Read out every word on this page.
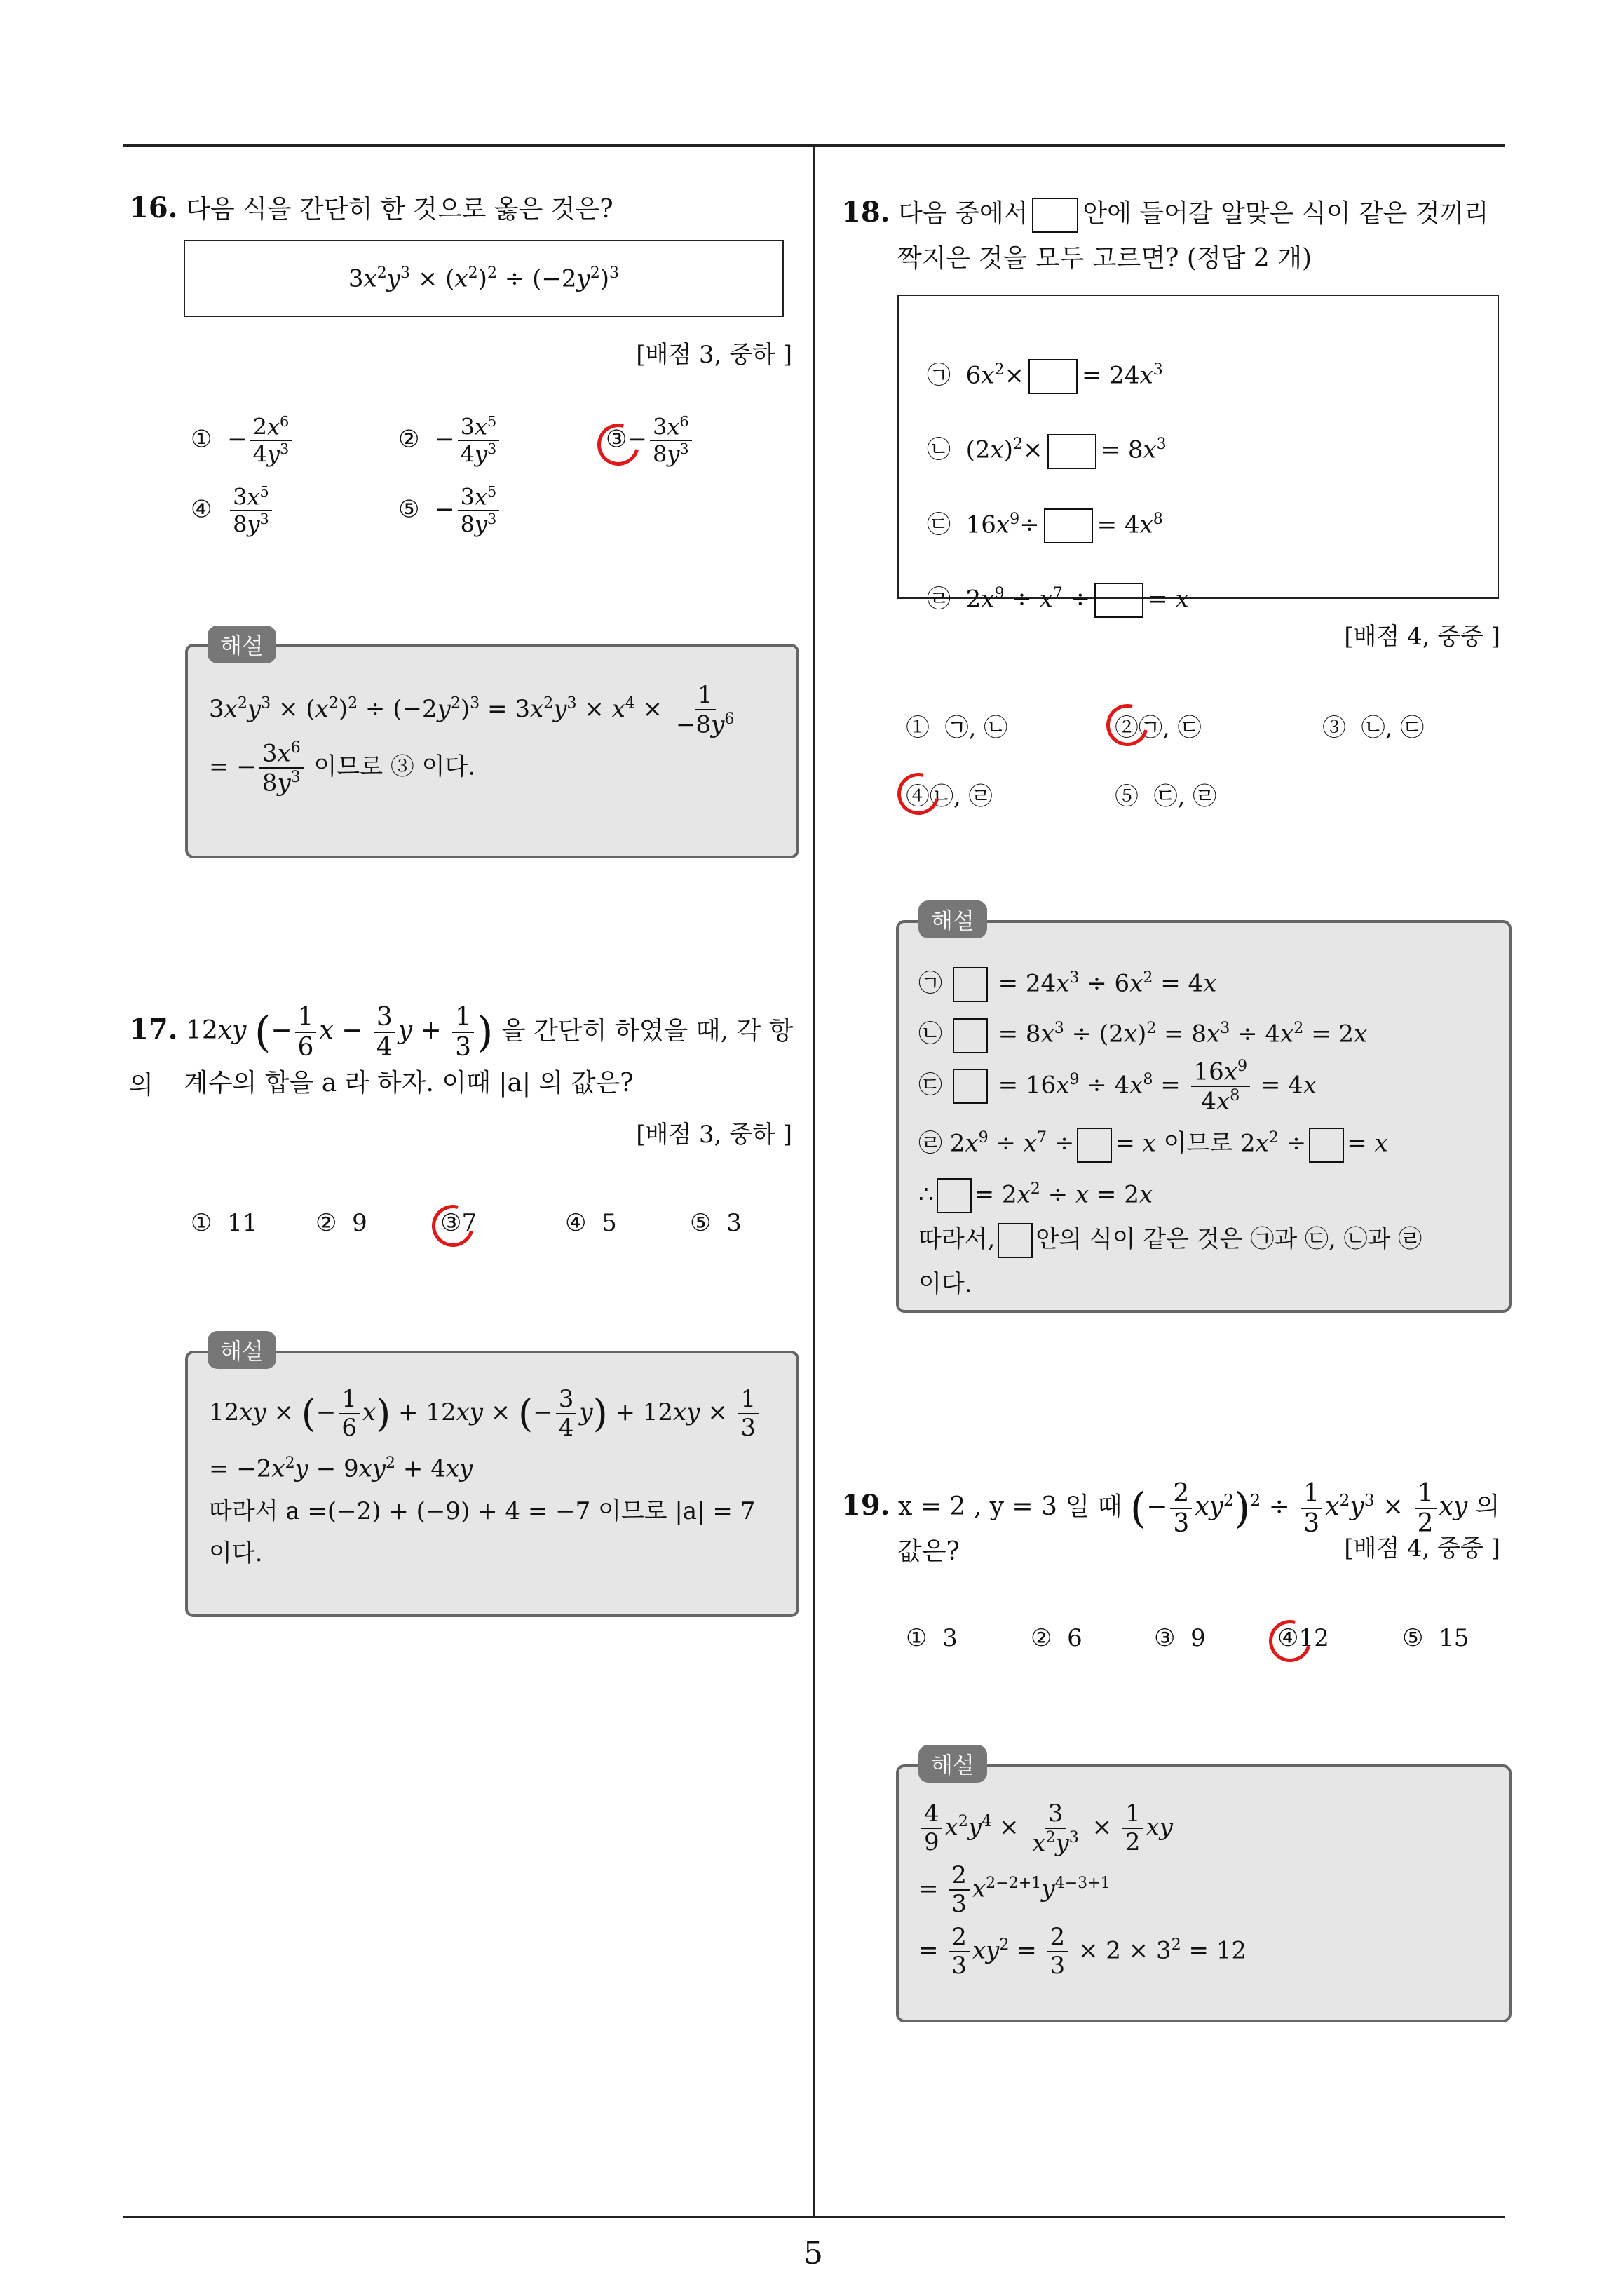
5
16. 다음 식을 간단히 한 것으로 옳은 것은?
$3x^2y^3 \times (x^2)^2 \div (-2y^2)^3$
[배점 3, 중하 ]
①  − $\frac{2x^6}{4y^3}$	②  − $\frac{3x^5}{4y^3}$	③− $\frac{3x^6}{8y^3}$
④ $\frac{3x^5}{8y^3}$	⑤  − $\frac{3x^5}{8y^3}$
$3x^2y^3 \times (x^2)^2 \div (-2y^2)^3 = 3x^2y^3 \times x^4 \times \frac{1}{-8y^6}$
= − $\frac{3x^6}{8y^3}$ 이므로 ③ 이다.
해설
17. 12xy (− $\frac{1}{6}$ $x - \frac{3}{4}$ $y + \frac{1}{3}$ ) 을 간단히 하였을 때, 각 항의	계수의 합을 a 라 하자. 이때 |a| 의 값은?
[배점 3, 중하 ]
① 11 ② 9	③7	④ 5	⑤ 3
12xy × (− $\frac{1}{6} x) + 12xy$ × (− $\frac{3}{4} y) + 12xy \times \frac{1}{3}$
= $-2x^2y - 9xy^2 + 4xy$
따라서 a =(−2) + (−9) + 4 = −7 이므로 |a| = 7
이다.
해설
18. 다음 중에서 안에 들어갈 알맞은 식이 같은 것끼리
짝지은 것을 모두 고르면? (정답 2 개)
㉠  $6x^2\times = 24x^3$
㉡  $(2x)^2\times = 8x^3$
㉢  $16x^9\div = 4x^8$
㉣  $2x^9 \div x^7$ ÷ = x
[배점 4, 중중 ]
① ㉠, ㉡	②㉠, ㉢	③ ㉡, ㉢
④㉡, ㉣	⑤ ㉢, ㉣
㉠  = $24x^3 \div 6x^2 = 4x$
㉡  = $8x^3 \div (2x)^2 = 8x^3 \div 4x^2 = 2x$
㉢  = $16x^9 \div 4x^8 = \frac{16x^9}{4x^8} = 4x$
㉣ $2x^9 \div x^7$ ÷ = x 이므로 $2x^2$ ÷ = x
∴ = $2x^2 \div x = 2x$
따라서, 안의 식이 같은 것은 ㉠과 ㉢, ㉡과 ㉣
이다.
해설
19. x = 2 , y = 3 일 때 (− $\frac{2}{3} xy^2)^2 \div \frac{1}{3} x^2y^3 \times \frac{1}{2}$ xy 의
값은?	[배점 4, 중중 ]
① 3	② 6	③ 9	④12	⑤ 15
$\frac{4}{9} x^2y^4 \times \frac{3}{x^2y^3} \times \frac{1}{2}$ xy
= $\frac{2}{3} x^{2-2+1}y^{4-3+1}$
= $\frac{2}{3} xy^2 = \frac{2}{3} \times 2 \times 3^2 = 12$
해설
